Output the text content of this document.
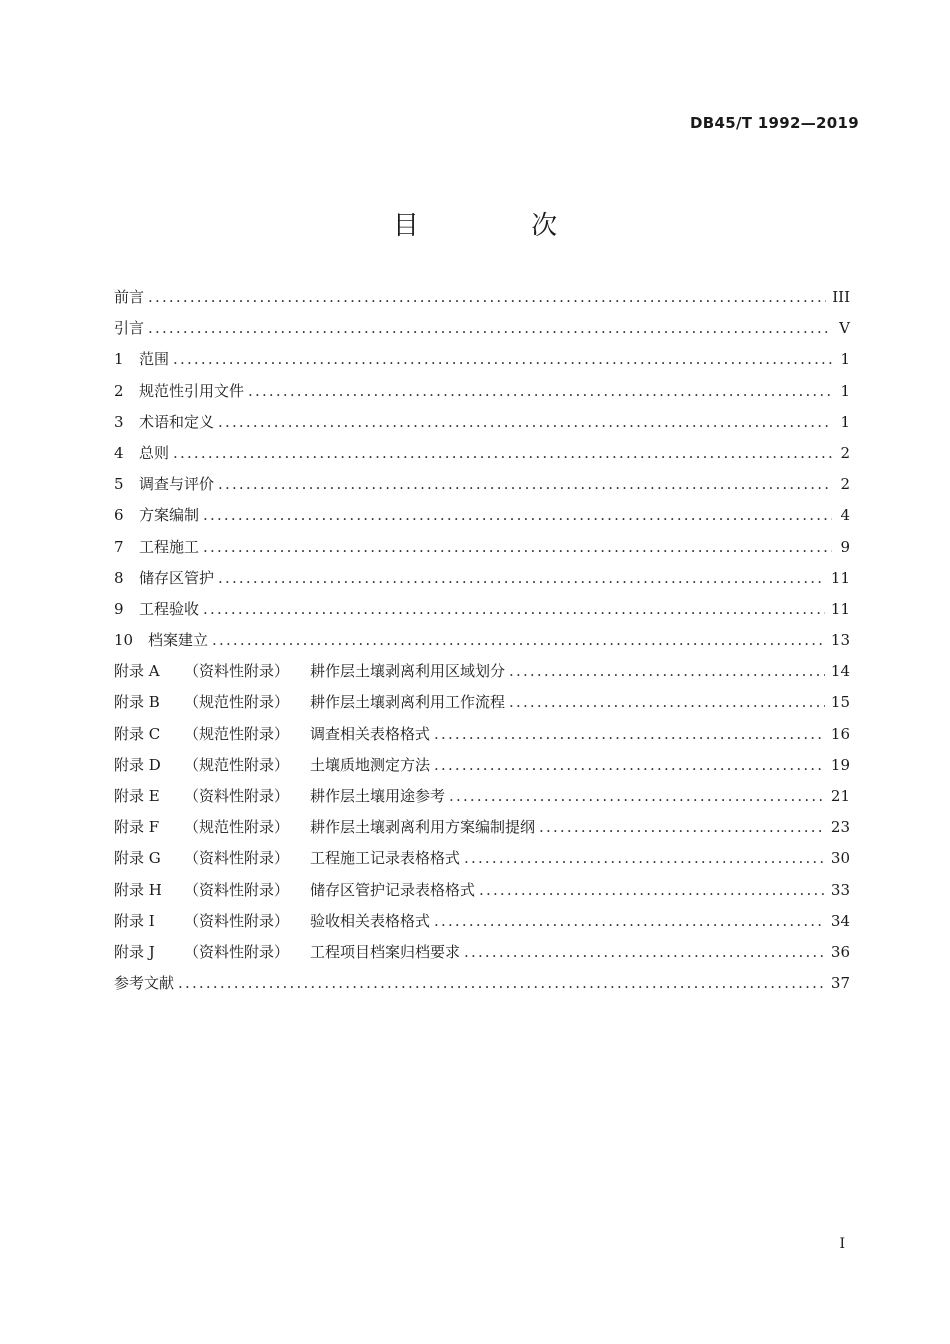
DB45/T 1992—2019
目 次
前言 .....	III
引言 .....	V
1	范围 .....	1
2	规范性引用文件 .....	1
3	术语和定义 .....	1
4	总则 .....	2
5	调查与评价 .....	2
6	方案编制 .....	4
7	工程施工 .....	9
8	储存区管护 .....	11
9	工程验收 .....	11
10 档案建立 .....	13
附录 A	（资料性附录）	耕作层土壤剥离利用区域划分 .....	14
附录 B	（规范性附录）	耕作层土壤剥离利用工作流程 .....	15
附录 C	（规范性附录）	调查相关表格格式 .....	16
附录 D	（规范性附录）	土壤质地测定方法 .....	19
附录 E	（资料性附录）	耕作层土壤用途参考 .....	21
附录 F	（规范性附录）	耕作层土壤剥离利用方案编制提纲 .....	23
附录 G	（资料性附录）	工程施工记录表格格式 .....	30
附录 H	（资料性附录）	储存区管护记录表格格式 .....	33
附录 I	（资料性附录）	验收相关表格格式 .....	34
附录 J	（资料性附录）	工程项目档案归档要求 .....	36
参考文献 .....	37
I
